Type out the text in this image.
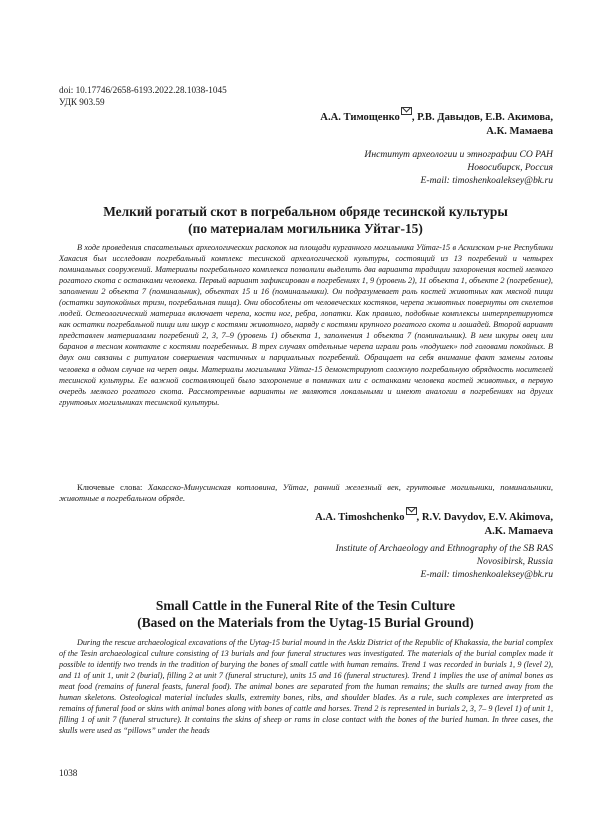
doi: 10.17746/2658-6193.2022.28.1038-1045
УДК 903.59
А.А. Тимощенко , Р.В. Давыдов, Е.В. Акимова,
А.К. Мамаева
Институт археологии и этнографии СО РАН
Новосибирск, Россия
E-mail: timoshenkoaleksey@bk.ru
Мелкий рогатый скот в погребальном обряде тесинской культуры
(по материалам могильника Уйтаг-15)

В ходе проведения спасательных археологических раскопок на площади курганного могильника Уйтаг-15 в Аскизском р-не Республики Хакасия был исследован погребальный комплекс тесинской археологической культуры, состоящий из 13 погребений и четырех поминальных сооружений. Материалы погребального комплекса позволили выделить два варианта традиции захоронения костей мелкого рогатого скота с останками человека. Первый вариант зафиксирован в погребениях 1, 9 (уровень 2), 11 объекта 1, объекте 2 (погребение), заполнении 2 объекта 7 (поминальник), объектах 15 и 16 (поминальники). Он подразумевает роль костей животных как мясной пищи (остатки заупокойных тризн, погребальная пища). Они обособлены от человеческих костяков, черепа животных повернуты от скелетов людей. Остеологический материал включает черепа, кости ног, ребра, лопатки. Как правило, подобные комплексы интерпретируются как остатки погребальной пищи или шкур с костями животного, наряду с костями крупного рогатого скота и лошадей. Второй вариант представлен материалами погребений 2, 3, 7–9 (уровень 1) объекта 1, заполнения 1 объекта 7 (поминальник). В нем шкуры овец или баранов в тесном контакте с костями погребенных. В трех случаях отдельные черепа играли роль «подушек» под головами покойных. В двух они связаны с ритуалом совершения частичных и парциальных погребений. Обращает на себя внимание факт замены головы человека в одном случае на череп овцы. Материалы могильника Уйтаг-15 демонстрируют сложную погребальную обрядность носителей тесинской культуры. Ее важной составляющей было захоронение в поминках или с останками человека костей животных, в первую очередь мелкого рогатого скота. Рассмотренные варианты не являются локальными и имеют аналогии в погребениях на других грунтовых могильниках тесинской культуры.

Ключевые слова: Хакасско-Минусинская котловина, Уйтаг, ранний железный век, грунтовые могильники, поминальники, животные в погребальном обряде.

A.A. Timoshchenko , R.V. Davydov, E.V. Akimova,
A.K. Mamaeva
Institute of Archaeology and Ethnography of the SB RAS
Novosibirsk, Russia
E-mail: timoshenkoaleksey@bk.ru
Small Cattle in the Funeral Rite of the Tesin Culture
(Based on the Materials from the Uytag-15 Burial Ground)

During the rescue archaeological excavations of the Uytag-15 burial mound in the Askiz District of the Republic of Khakassia, the burial complex of the Tesin archaeological culture consisting of 13 burials and four funeral structures was investigated. The materials of the burial complex made it possible to identify two trends in the tradition of burying the bones of small cattle with human remains. Trend 1 was recorded in burials 1, 9 (level 2), and 11 of unit 1, unit 2 (burial), filling 2 at unit 7 (funeral structure), units 15 and 16 (funeral structures). Trend 1 implies the use of animal bones as meat food (remains of funeral feasts, funeral food). The animal bones are separated from the human remains; the skulls are turned away from the human skeletons. Osteological material includes skulls, extremity bones, ribs, and shoulder blades. As a rule, such complexes are interpreted as remains of funeral food or skins with animal bones along with bones of cattle and horses. Trend 2 is represented in burials 2, 3, 7– 9 (level 1) of unit 1, filling 1 of unit 7 (funeral structure). It contains the skins of sheep or rams in close contact with the bones of the buried human. In three cases, the skulls were used as “pillows” under the heads

1038
